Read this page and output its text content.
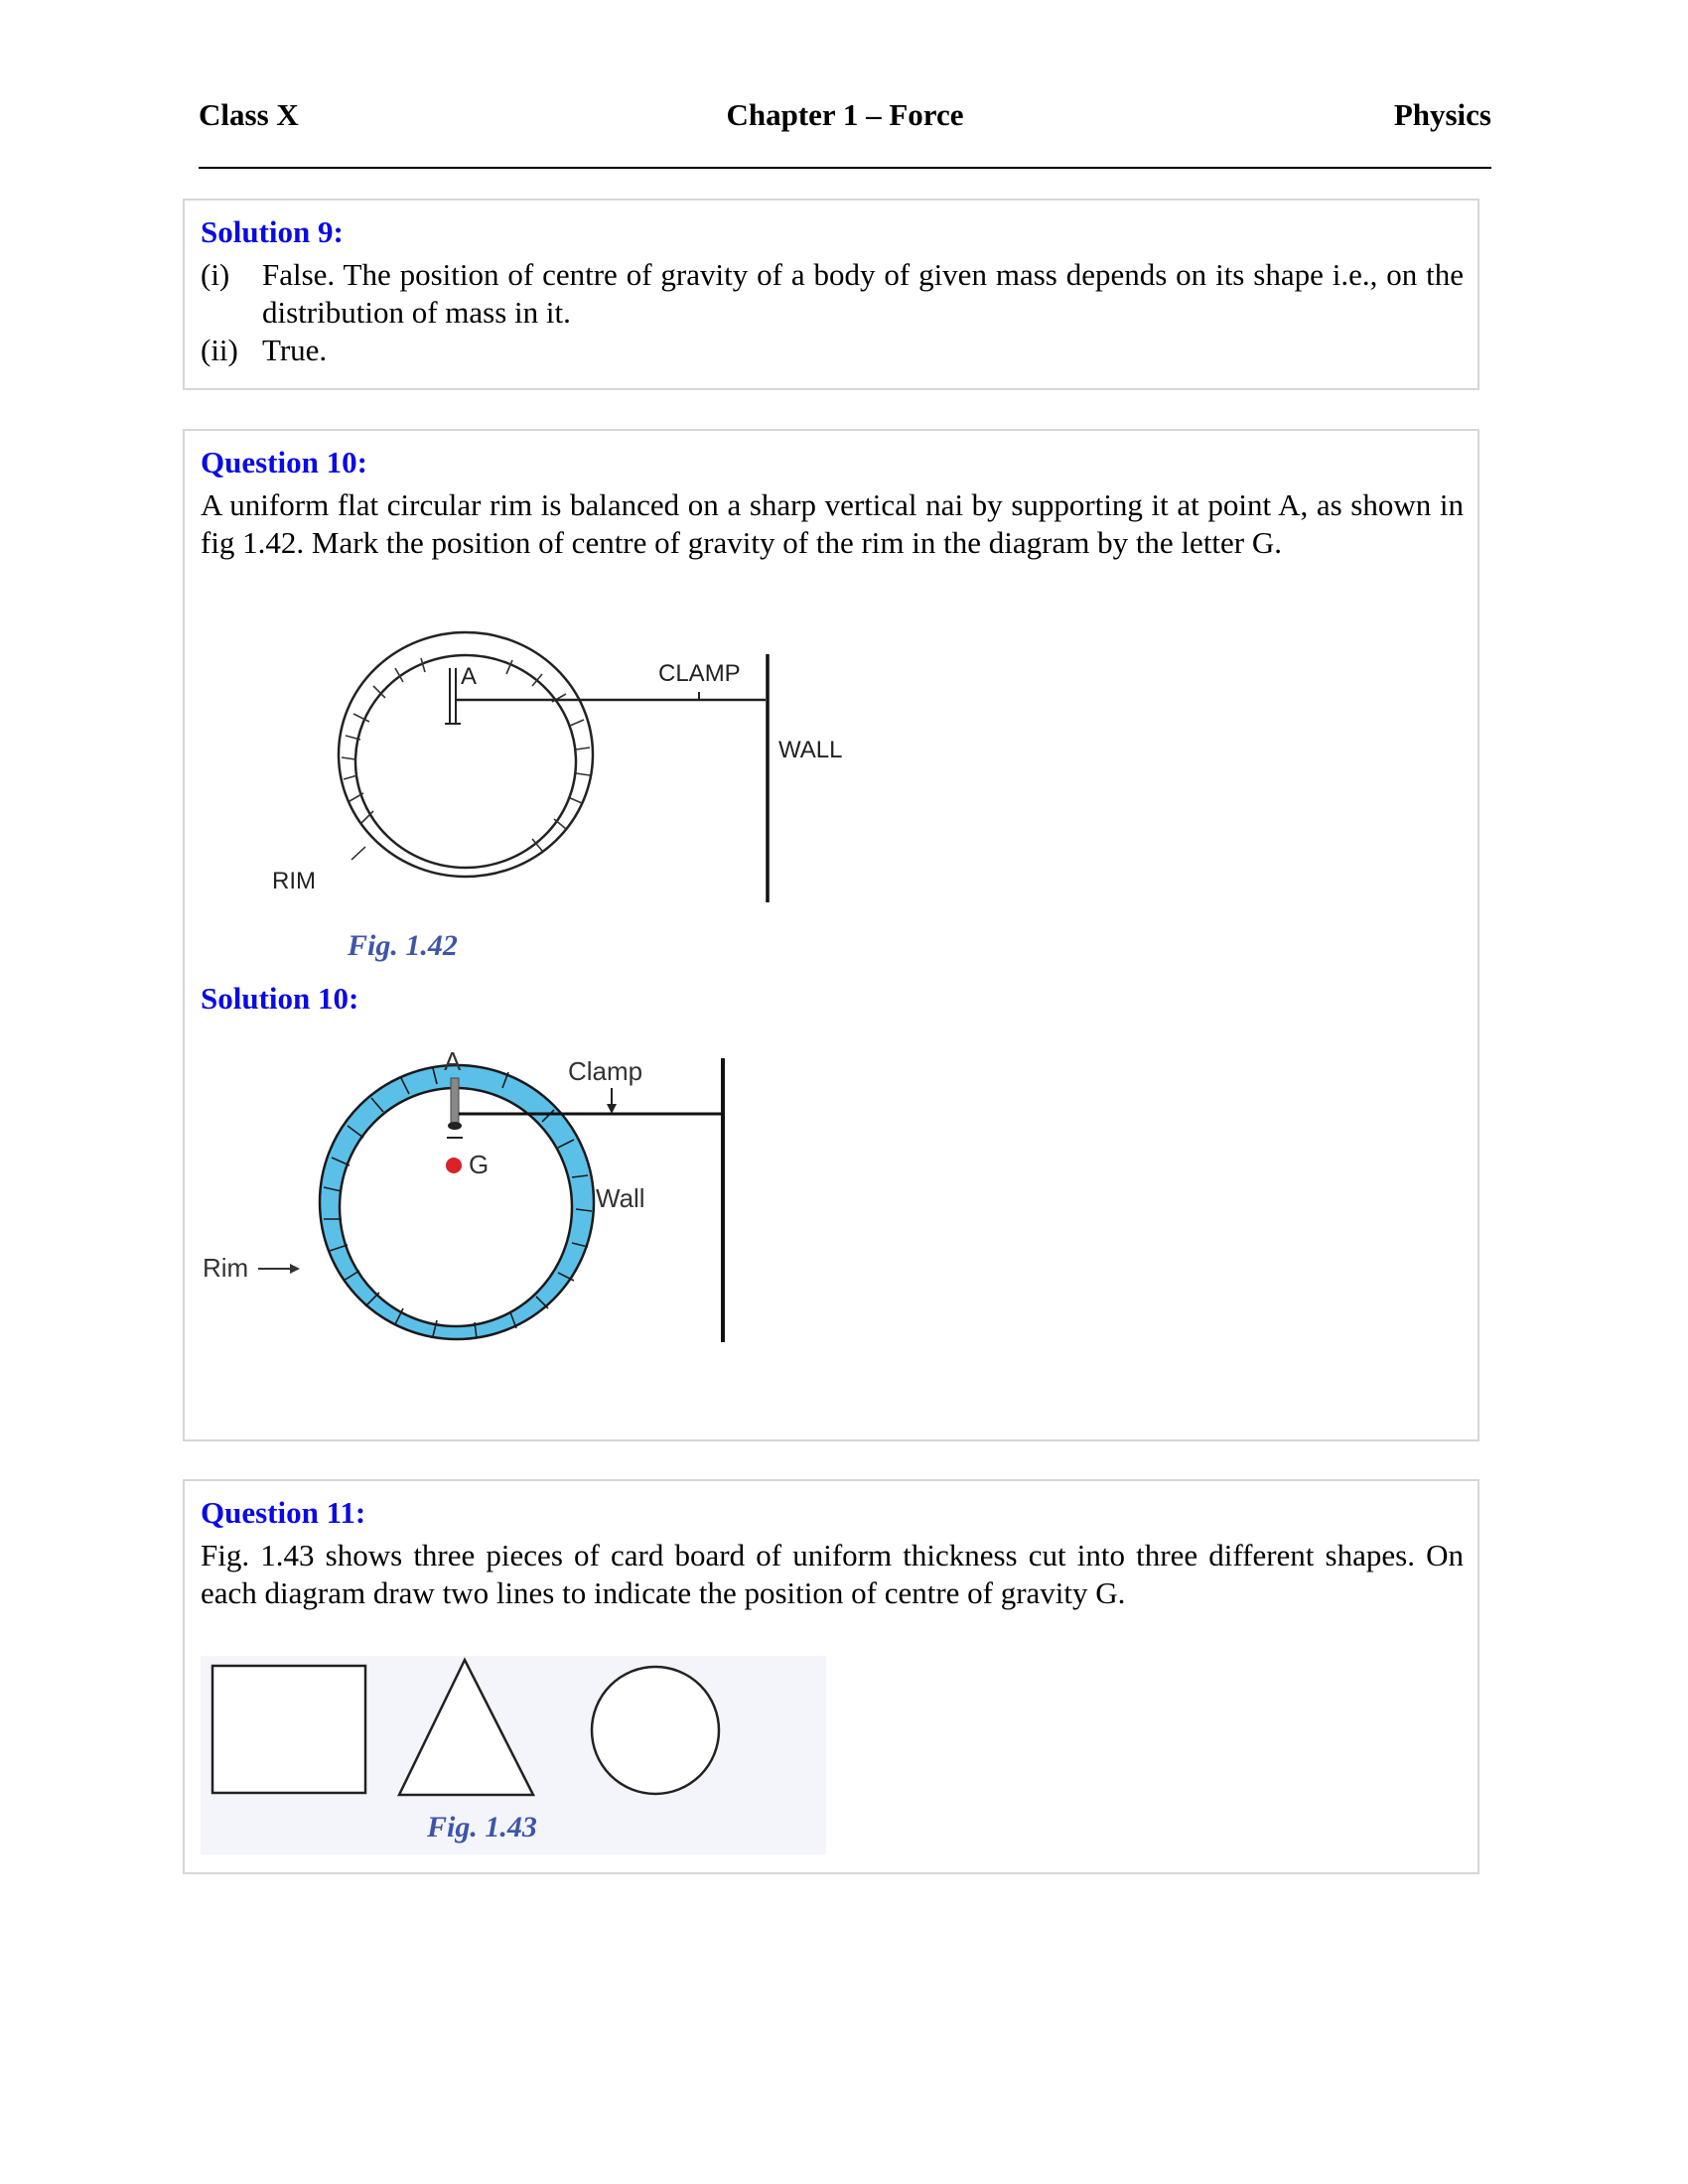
Class X	Chapter 1 – Force	Physics
Solution 9:
(i) False. The position of centre of gravity of a body of given mass depends on its shape i.e., on the distribution of mass in it.
(ii) True.
Question 10:
A uniform flat circular rim is balanced on a sharp vertical nai by supporting it at point A, as shown in fig 1.42. Mark the position of centre of gravity of the rim in the diagram by the letter G.
A	CLAMP
WALL
RIM
Fig. 1.42
Solution 10:
A	Clamp
G
Wall
Rim
Question 11:
Fig. 1.43 shows three pieces of card board of uniform thickness cut into three different shapes. On each diagram draw two lines to indicate the position of centre of gravity G.
Fig. 1.43
